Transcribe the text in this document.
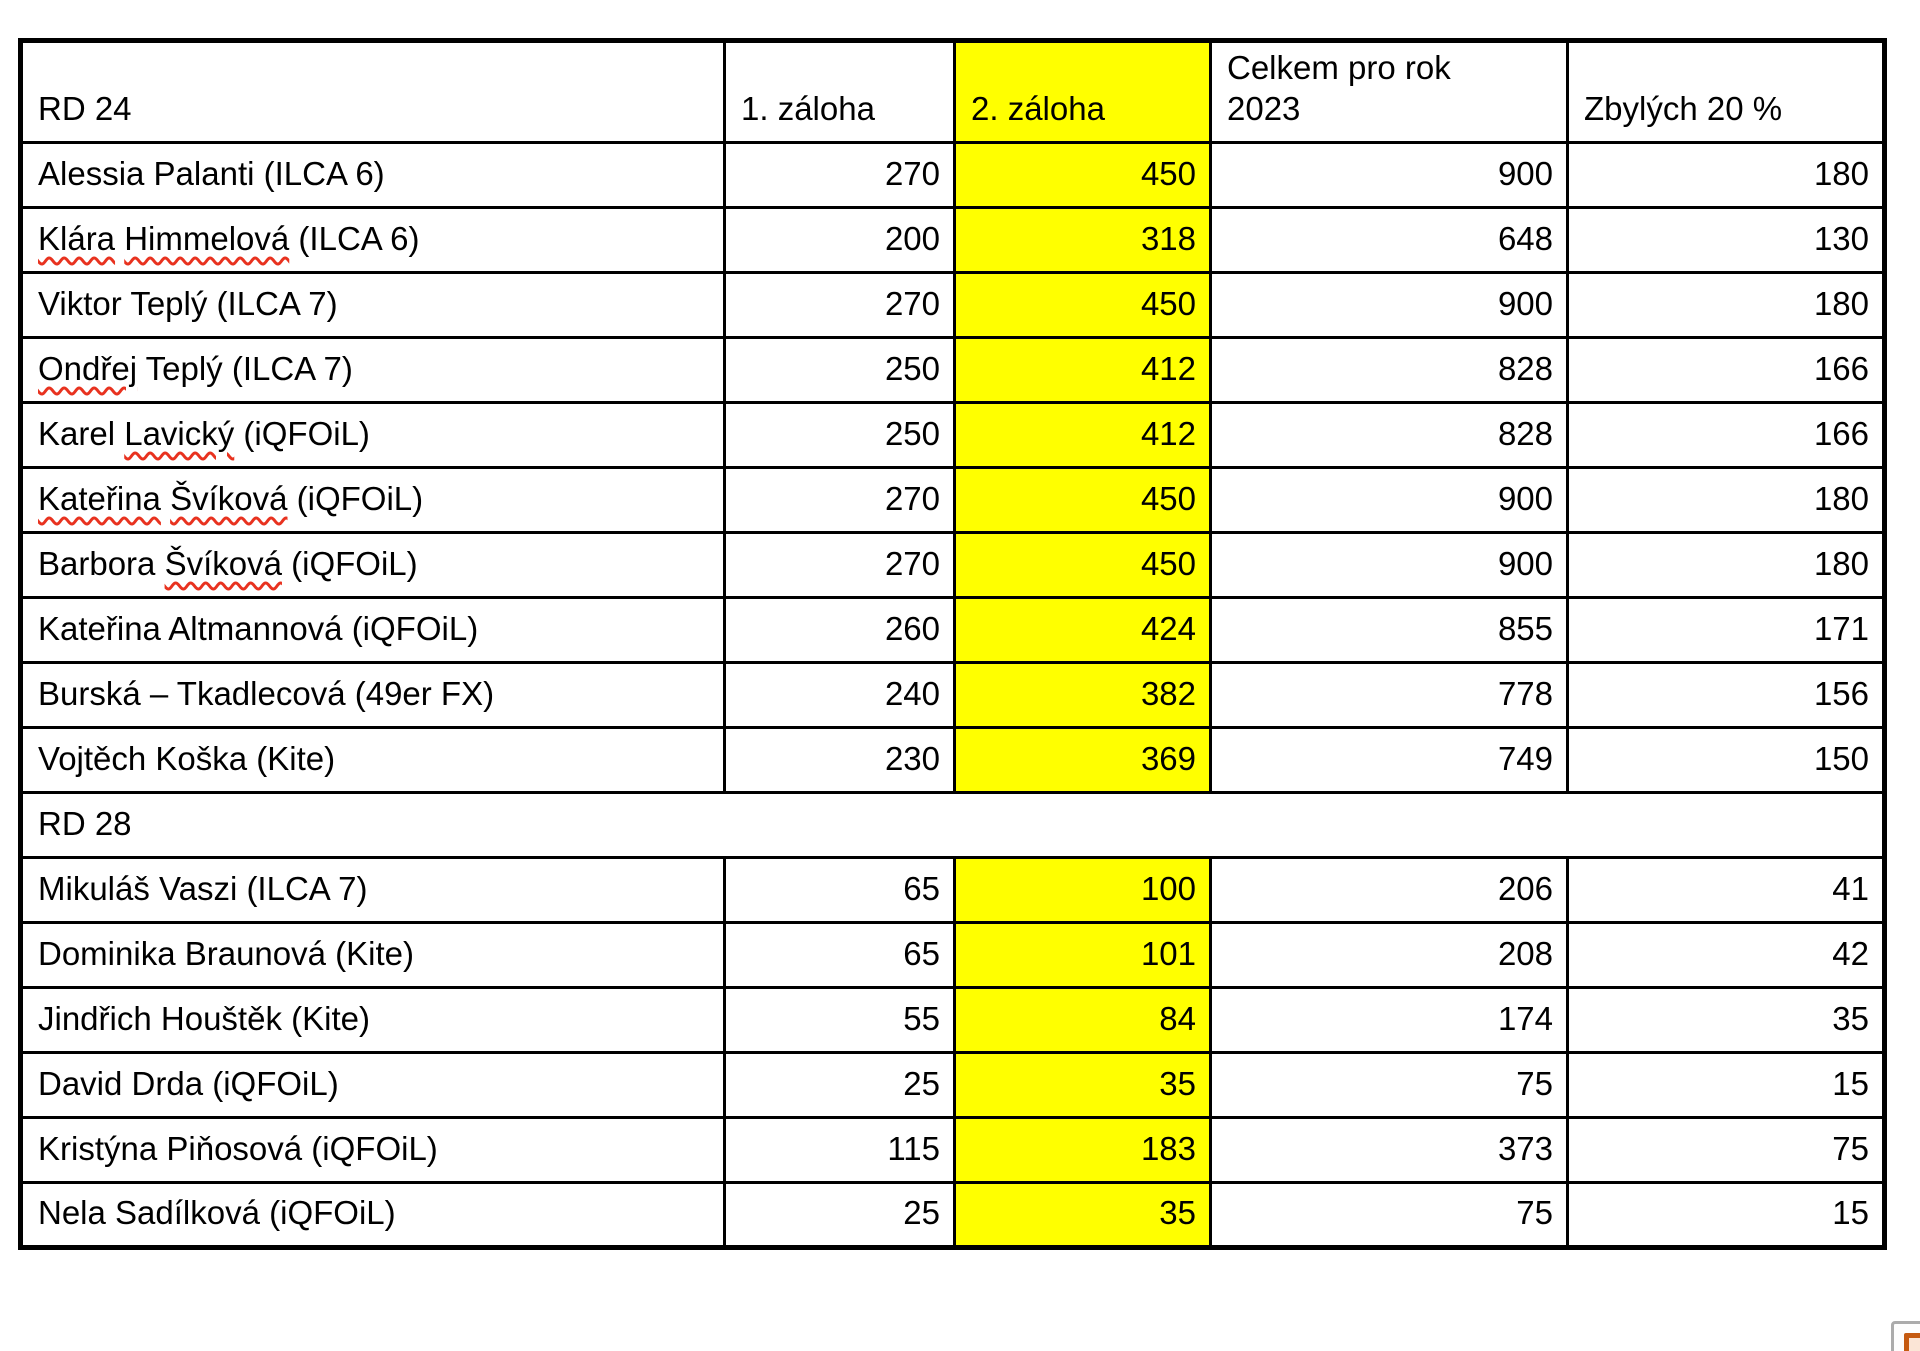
RD 24	1. záloha	2. záloha	Celkem pro rok 2023	Zbylých 20 %
Alessia Palanti (ILCA 6)	270	450	900	180
Klára Himmelová (ILCA 6)	200	318	648	130
Viktor Teplý (ILCA 7)	270	450	900	180
Ondřej Teplý (ILCA 7)	250	412	828	166
Karel Lavický (iQFOiL)	250	412	828	166
Kateřina Švíková (iQFOiL)	270	450	900	180
Barbora Švíková (iQFOiL)	270	450	900	180
Kateřina Altmannová (iQFOiL)	260	424	855	171
Burská – Tkadlecová (49er FX)	240	382	778	156
Vojtěch Koška (Kite)	230	369	749	150
RD 28				
Mikuláš Vaszi (ILCA 7)	65	100	206	41
Dominika Braunová (Kite)	65	101	208	42
Jindřich Houštěk (Kite)	55	84	174	35
David Drda (iQFOiL)	25	35	75	15
Kristýna Piňosová (iQFOiL)	115	183	373	75
Nela Sadílková (iQFOiL)	25	35	75	15
